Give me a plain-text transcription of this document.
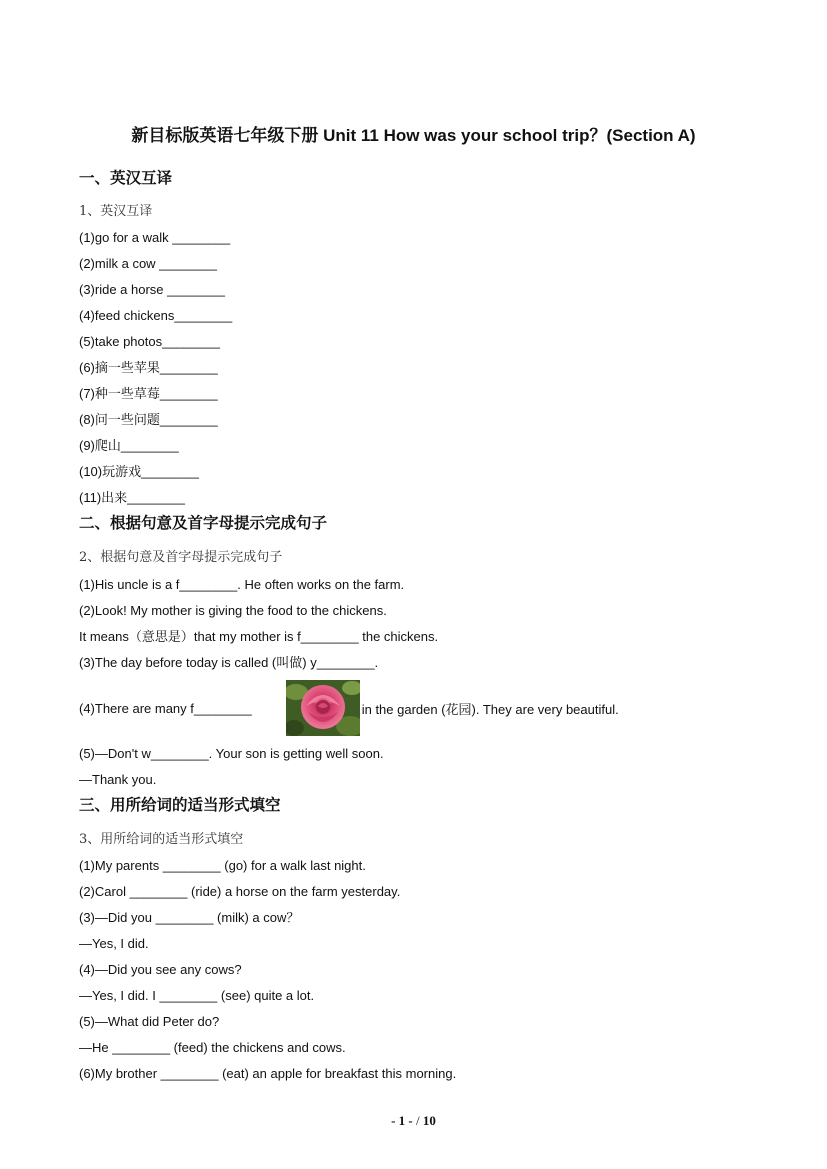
新目标版英语七年级下册 Unit 11 How was your school trip？(Section A)
一、英汉互译
1、英汉互译
(1)go for a walk ________
(2)milk a cow ________
(3)ride a horse ________
(4)feed chickens________
(5)take photos________
(6)摘一些苹果________
(7)种一些草莓________
(8)问一些问题________
(9)爬山________
(10)玩游戏________
(11)出来________
二、根据句意及首字母提示完成句子
2、根据句意及首字母提示完成句子
(1)His uncle is a f________. He often works on the farm.
(2)Look! My mother is giving the food to the chickens.
It means（意思是）that my mother is f________ the chickens.
(3)The day before today is called (叫做) y________.
(4)There are many f________	in the garden (花园). They are very beautiful.
(5)—Don't w________. Your son is getting well soon.
—Thank you.
三、用所给词的适当形式填空
3、用所给词的适当形式填空
(1)My parents ________ (go) for a walk last night.
(2)Carol ________ (ride) a horse on the farm yesterday.
(3)—Did you ________ (milk) a cow？
—Yes, I did.
(4)—Did you see any cows?
—Yes, I did. I ________ (see) quite a lot.
(5)—What did Peter do?
—He ________ (feed) the chickens and cows.
(6)My brother ________ (eat) an apple for breakfast this morning.
- 1 - / 10
